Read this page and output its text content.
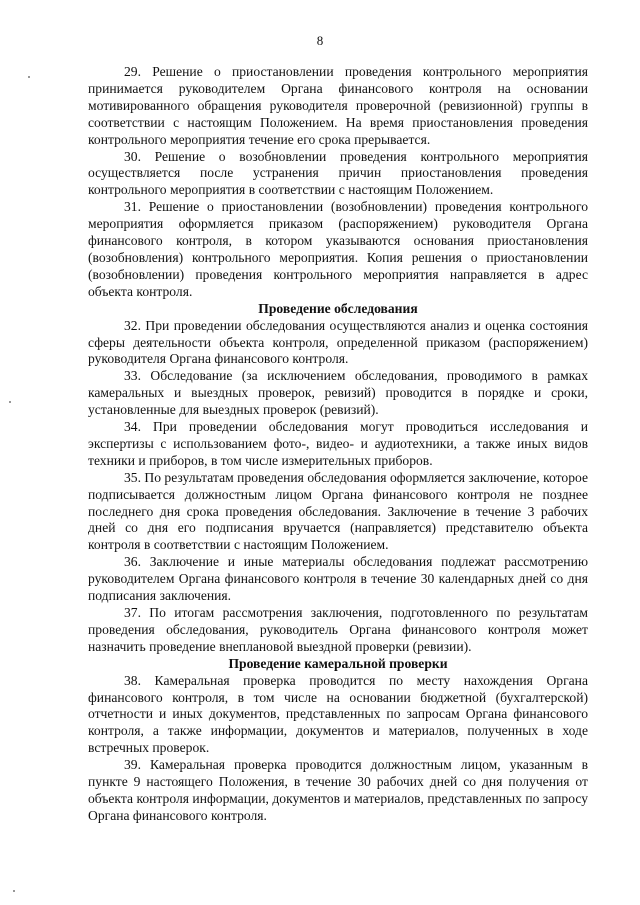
8

29. Решение о приостановлении проведения контрольного мероприятия принимается руководителем Органа финансового контроля на основании мотивированного обращения руководителя проверочной (ревизионной) группы в соответствии с настоящим Положением. На время приостановления проведения контрольного мероприятия течение его срока прерывается.

30. Решение о возобновлении проведения контрольного мероприятия осуществляется после устранения причин приостановления проведения контрольного мероприятия в соответствии с настоящим Положением.

31. Решение о приостановлении (возобновлении) проведения контрольного мероприятия оформляется приказом (распоряжением) руководителя Органа финансового контроля, в котором указываются основания приостановления (возобновления) контрольного мероприятия. Копия решения о приостановлении (возобновлении) проведения контрольного мероприятия направляется в адрес объекта контроля.

Проведение обследования

32. При проведении обследования осуществляются анализ и оценка состояния сферы деятельности объекта контроля, определенной приказом (распоряжением) руководителя Органа финансового контроля.

33. Обследование (за исключением обследования, проводимого в рамках камеральных и выездных проверок, ревизий) проводится в порядке и сроки, установленные для выездных проверок (ревизий).

34. При проведении обследования могут проводиться исследования и экспертизы с использованием фото-, видео- и аудиотехники, а также иных видов техники и приборов, в том числе измерительных приборов.

35. По результатам проведения обследования оформляется заключение, которое подписывается должностным лицом Органа финансового контроля не позднее последнего дня срока проведения обследования. Заключение в течение 3 рабочих дней со дня его подписания вручается (направляется) представителю объекта контроля в соответствии с настоящим Положением.

36. Заключение и иные материалы обследования подлежат рассмотрению руководителем Органа финансового контроля в течение 30 календарных дней со дня подписания заключения.

37. По итогам рассмотрения заключения, подготовленного по результатам проведения обследования, руководитель Органа финансового контроля может назначить проведение внеплановой выездной проверки (ревизии).

Проведение камеральной проверки

38. Камеральная проверка проводится по месту нахождения Органа финансового контроля, в том числе на основании бюджетной (бухгалтерской) отчетности и иных документов, представленных по запросам Органа финансового контроля, а также информации, документов и материалов, полученных в ходе встречных проверок.

39. Камеральная проверка проводится должностным лицом, указанным в пункте 9 настоящего Положения, в течение 30 рабочих дней со дня получения от объекта контроля информации, документов и материалов, представленных по запросу Органа финансового контроля.
